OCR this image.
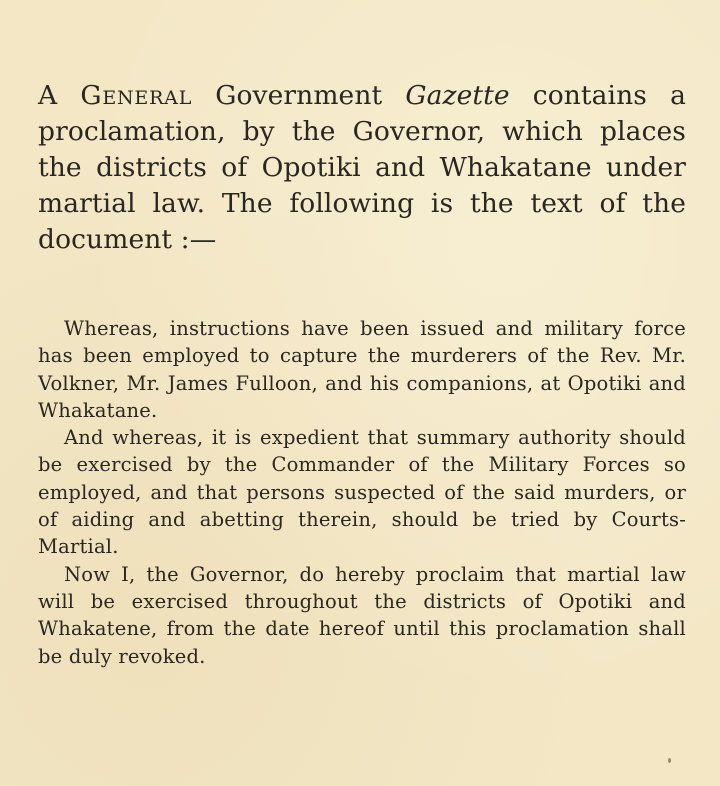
A General Government Gazette contains a proclamation, by the Governor, which places the districts of Opotiki and Whakatane under martial law. The following is the text of the document :—

Whereas, instructions have been issued and military force has been employed to capture the murderers of the Rev. Mr. Volkner, Mr. James Fulloon, and his companions, at Opotiki and Whakatane.

And whereas, it is expedient that summary authority should be exercised by the Commander of the Military Forces so employed, and that persons suspected of the said murders, or of aiding and abetting therein, should be tried by Courts-Martial.

Now I, the Governor, do hereby proclaim that martial law will be exercised throughout the districts of Opotiki and Whakatene, from the date hereof until this proclamation shall be duly revoked.
